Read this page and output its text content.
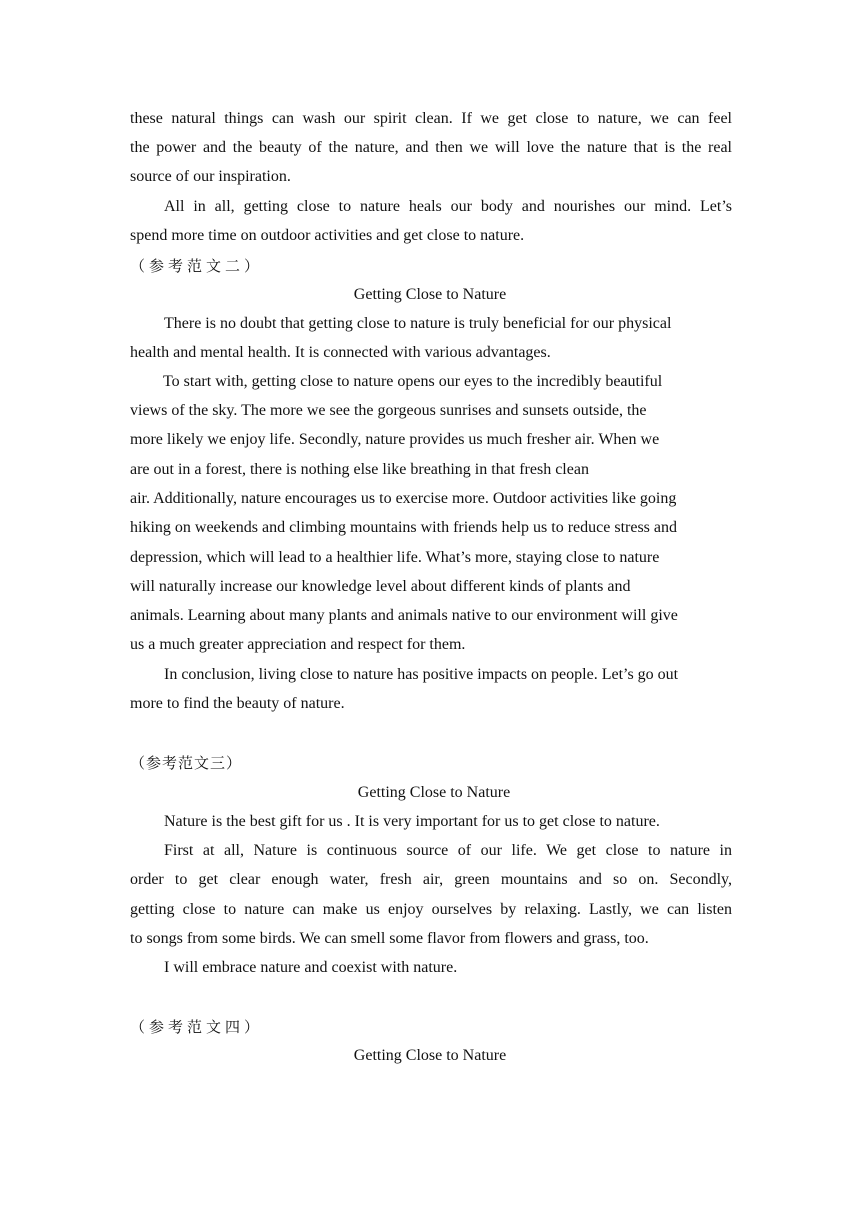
these natural things can wash our spirit clean. If we get close to nature, we can feel
the power and the beauty of the nature, and then we will love the nature that is the real
source of our inspiration.
All in all, getting close to nature heals our body and nourishes our mind. Let’s
spend more time on outdoor activities and get close to nature.
（参考范文二）
Getting Close to Nature
There is no doubt that getting close to nature is truly beneficial for our physical
health and mental health. It is connected with various advantages.
To start with, getting close to nature opens our eyes to the incredibly beautiful
views of the sky. The more we see the gorgeous sunrises and sunsets outside, the
more likely we enjoy life. Secondly, nature provides us much fresher air. When we
are out in a forest, there is nothing else like breathing in that fresh clean
air. Additionally, nature encourages us to exercise more. Outdoor activities like going
hiking on weekends and climbing mountains with friends help us to reduce stress and
depression, which will lead to a healthier life. What’s more, staying close to nature
will naturally increase our knowledge level about different kinds of plants and
animals. Learning about many plants and animals native to our environment will give
us a much greater appreciation and respect for them.
In conclusion, living close to nature has positive impacts on people. Let’s go out
more to find the beauty of nature.
（参考范文三）
Getting Close to Nature
Nature is the best gift for us . It is very important for us to get close to nature.
First at all, Nature is continuous source of our life. We get close to nature in
order to get clear enough water, fresh air, green mountains and so on. Secondly,
getting close to nature can make us enjoy ourselves by relaxing. Lastly, we can listen
to songs from some birds. We can smell some flavor from flowers and grass, too.
I will embrace nature and coexist with nature.
（参考范文四）
Getting Close to Nature
